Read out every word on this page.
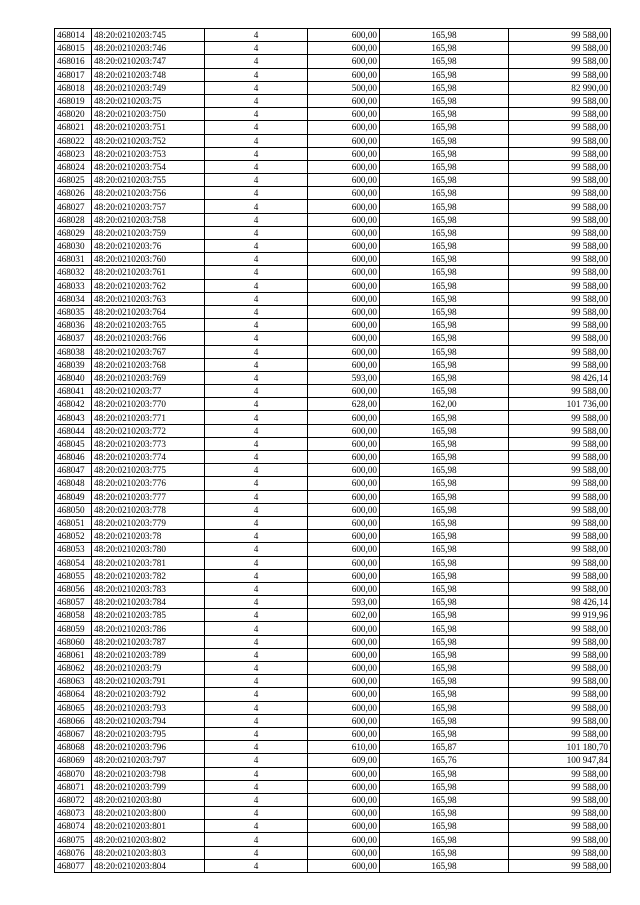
468014	48:20:0210203:745	4	600,00	165,98	99 588,00
468015	48:20:0210203:746	4	600,00	165,98	99 588,00
468016	48:20:0210203:747	4	600,00	165,98	99 588,00
468017	48:20:0210203:748	4	600,00	165,98	99 588,00
468018	48:20:0210203:749	4	500,00	165,98	82 990,00
468019	48:20:0210203:75	4	600,00	165,98	99 588,00
468020	48:20:0210203:750	4	600,00	165,98	99 588,00
468021	48:20:0210203:751	4	600,00	165,98	99 588,00
468022	48:20:0210203:752	4	600,00	165,98	99 588,00
468023	48:20:0210203:753	4	600,00	165,98	99 588,00
468024	48:20:0210203:754	4	600,00	165,98	99 588,00
468025	48:20:0210203:755	4	600,00	165,98	99 588,00
468026	48:20:0210203:756	4	600,00	165,98	99 588,00
468027	48:20:0210203:757	4	600,00	165,98	99 588,00
468028	48:20:0210203:758	4	600,00	165,98	99 588,00
468029	48:20:0210203:759	4	600,00	165,98	99 588,00
468030	48:20:0210203:76	4	600,00	165,98	99 588,00
468031	48:20:0210203:760	4	600,00	165,98	99 588,00
468032	48:20:0210203:761	4	600,00	165,98	99 588,00
468033	48:20:0210203:762	4	600,00	165,98	99 588,00
468034	48:20:0210203:763	4	600,00	165,98	99 588,00
468035	48:20:0210203:764	4	600,00	165,98	99 588,00
468036	48:20:0210203:765	4	600,00	165,98	99 588,00
468037	48:20:0210203:766	4	600,00	165,98	99 588,00
468038	48:20:0210203:767	4	600,00	165,98	99 588,00
468039	48:20:0210203:768	4	600,00	165,98	99 588,00
468040	48:20:0210203:769	4	593,00	165,98	98 426,14
468041	48:20:0210203:77	4	600,00	165,98	99 588,00
468042	48:20:0210203:770	4	628,00	162,00	101 736,00
468043	48:20:0210203:771	4	600,00	165,98	99 588,00
468044	48:20:0210203:772	4	600,00	165,98	99 588,00
468045	48:20:0210203:773	4	600,00	165,98	99 588,00
468046	48:20:0210203:774	4	600,00	165,98	99 588,00
468047	48:20:0210203:775	4	600,00	165,98	99 588,00
468048	48:20:0210203:776	4	600,00	165,98	99 588,00
468049	48:20:0210203:777	4	600,00	165,98	99 588,00
468050	48:20:0210203:778	4	600,00	165,98	99 588,00
468051	48:20:0210203:779	4	600,00	165,98	99 588,00
468052	48:20:0210203:78	4	600,00	165,98	99 588,00
468053	48:20:0210203:780	4	600,00	165,98	99 588,00
468054	48:20:0210203:781	4	600,00	165,98	99 588,00
468055	48:20:0210203:782	4	600,00	165,98	99 588,00
468056	48:20:0210203:783	4	600,00	165,98	99 588,00
468057	48:20:0210203:784	4	593,00	165,98	98 426,14
468058	48:20:0210203:785	4	602,00	165,98	99 919,96
468059	48:20:0210203:786	4	600,00	165,98	99 588,00
468060	48:20:0210203:787	4	600,00	165,98	99 588,00
468061	48:20:0210203:789	4	600,00	165,98	99 588,00
468062	48:20:0210203:79	4	600,00	165,98	99 588,00
468063	48:20:0210203:791	4	600,00	165,98	99 588,00
468064	48:20:0210203:792	4	600,00	165,98	99 588,00
468065	48:20:0210203:793	4	600,00	165,98	99 588,00
468066	48:20:0210203:794	4	600,00	165,98	99 588,00
468067	48:20:0210203:795	4	600,00	165,98	99 588,00
468068	48:20:0210203:796	4	610,00	165,87	101 180,70
468069	48:20:0210203:797	4	609,00	165,76	100 947,84
468070	48:20:0210203:798	4	600,00	165,98	99 588,00
468071	48:20:0210203:799	4	600,00	165,98	99 588,00
468072	48:20:0210203:80	4	600,00	165,98	99 588,00
468073	48:20:0210203:800	4	600,00	165,98	99 588,00
468074	48:20:0210203:801	4	600,00	165,98	99 588,00
468075	48:20:0210203:802	4	600,00	165,98	99 588,00
468076	48:20:0210203:803	4	600,00	165,98	99 588,00
468077	48:20:0210203:804	4	600,00	165,98	99 588,00
